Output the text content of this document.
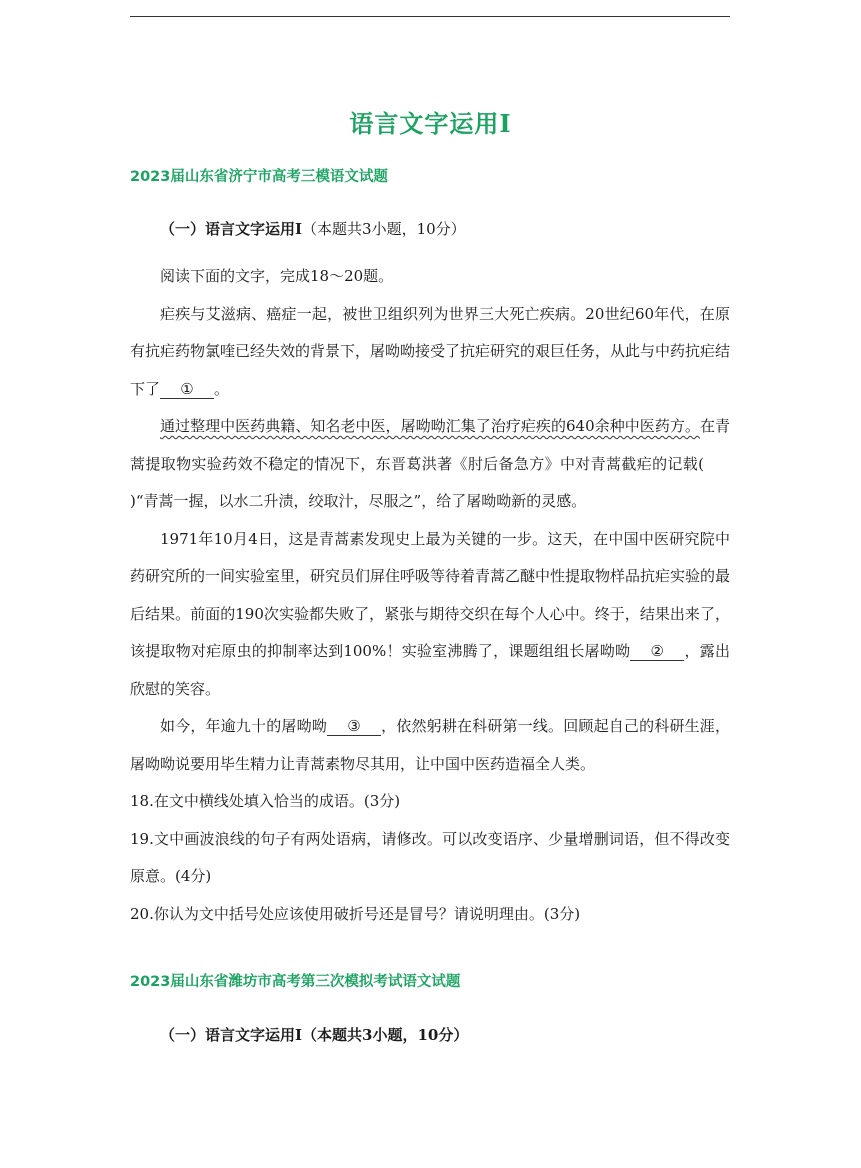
语言文字运用Ⅰ
2023届山东省济宁市高考三模语文试题
（一）语言文字运用Ⅰ（本题共3小题，10分）

阅读下面的文字，完成18～20题。

疟疾与艾滋病、癌症一起，被世卫组织列为世界三大死亡疾病。20世纪60年代，在原有抗疟药物氯喹已经失效的背景下，屠呦呦接受了抗疟研究的艰巨任务，从此与中药抗疟结下了 ① 。

通过整理中医药典籍、知名老中医，屠呦呦汇集了治疗疟疾的640余种中医药方。在青蒿提取物实验药效不稳定的情况下，东晋葛洪著《肘后备急方》中对青蒿截疟的记载()“青蒿一握，以水二升渍，绞取汁，尽服之”，给了屠呦呦新的灵感。

1971年10月4日，这是青蒿素发现史上最为关键的一步。这天，在中国中医研究院中药研究所的一间实验室里，研究员们屏住呼吸等待着青蒿乙醚中性提取物样品抗疟实验的最后结果。前面的190次实验都失败了，紧张与期待交织在每个人心中。终于，结果出来了，该提取物对疟原虫的抑制率达到100%！实验室沸腾了，课题组组长屠呦呦 ② ，露出欣慰的笑容。

如今，年逾九十的屠呦呦 ③ ，依然躬耕在科研第一线。回顾起自己的科研生涯，屠呦呦说要用毕生精力让青蒿素物尽其用，让中国中医药造福全人类。

18.在文中横线处填入恰当的成语。(3分)

19.文中画波浪线的句子有两处语病，请修改。可以改变语序、少量增删词语，但不得改变原意。(4分)

20.你认为文中括号处应该使用破折号还是冒号？请说明理由。(3分)

2023届山东省潍坊市高考第三次模拟考试语文试题
（一）语言文字运用Ⅰ（本题共3小题，10分）
